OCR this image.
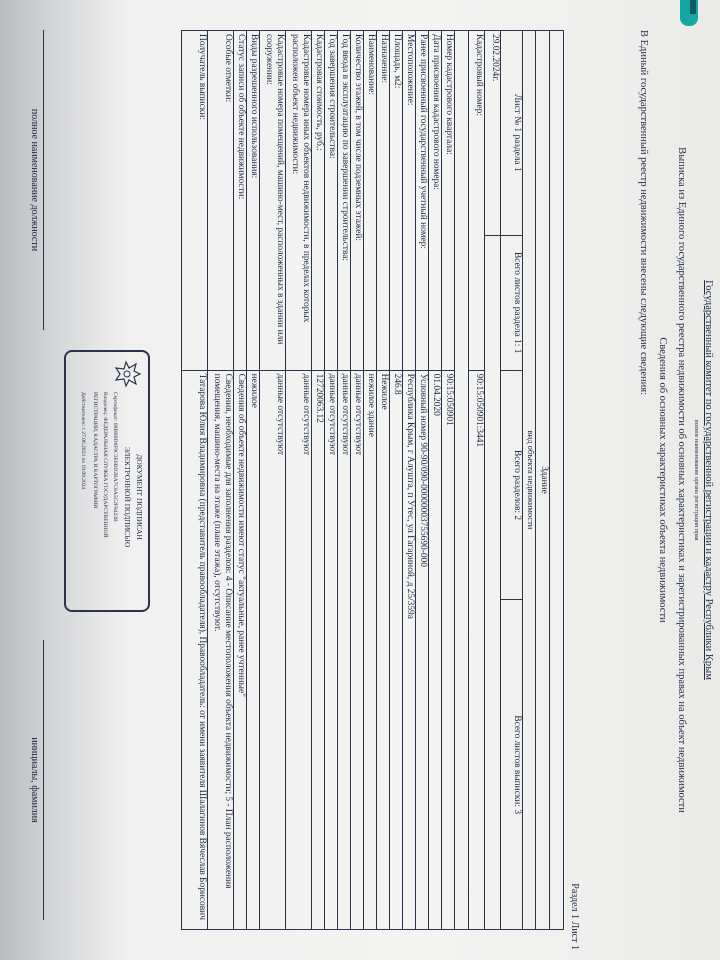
Государственный комитет по государственной регистрации и кадастру Республики Крым
полное наименование органа регистрации прав
Выписка из Единого государственного реестра недвижимости об основных характеристиках и зарегистрированных правах на объект недвижимости
Сведения об основных характеристиках объекта недвижимости
В Единый государственный реестр недвижимости внесены следующие сведения:
Раздел 1 Лист 1

Здание			
вид объекта недвижимости			
Лист № 1 раздела 1	Всего листов раздела 1: 1	Всего разделов: 2	Всего листов выписки: 3
29.02.2024г.			
Кадастровый номер:		90:15:050901:3441	

Номер кадастрового квартала:		90:15:050901	
Дата присвоения кадастрового номера:		01.04.2020	
Ранее присвоенный государственный учетный номер:		Условный номер 90-90/090-00000003755690-000	
Местоположение:		Республика Крым, г Алушта, п Утес, ул Гагариной, д 25/359а	
Площадь, м2:		246.8	
Назначение:		Нежилое	
Наименование:		нежилое здание	
Количество этажей, в том числе подземных этажей:		данные отсутствуют	
Год ввода в эксплуатацию по завершении строительства:		данные отсутствуют	
Год завершения строительства:		данные отсутствуют	
Кадастровая стоимость, руб.:		12720063.12	
Кадастровые номера иных объектов недвижимости, в пределах которых расположен объект недвижимости:		данные отсутствуют	
Кадастровые номера помещений, машино-мест, расположенных в здании или сооружении:		данные отсутствуют	
Виды разрешенного использования:		нежилое	
Статус записи об объекте недвижимости:		Сведения об объекте недвижимости имеют статус "актуальные, ранее учтенные"	
Особые отметки:		Сведения, необходимые для заполнения разделов: 4 - Описание местоположения объекта недвижимости; 5 - План расположения помещения, машино-места на этаже (плане этажа), отсутствуют.	
Получатель выписки:		Татарова Юлия Владимировна (представитель правообладателя), Правообладатель: от имени заявителя Шалагинов Вячеслав Борисович	
ДОКУМЕНТ ПОДПИСАН
ЭЛЕКТРОННОЙ ПОДПИСЬЮ
Сертификат: 00BB0D0F9C3E6BD2BA7C8A5C2F8423B
Владелец: ФЕДЕРАЛЬНАЯ СЛУЖБА ГОСУДАРСТВЕННОЙ
РЕГИСТРАЦИИ, КАДАСТРА И КАРТОГРАФИИ
Действителен: с 27.06.2023 по 19.09.2024
полное наименование должности
инициалы, фамилия
